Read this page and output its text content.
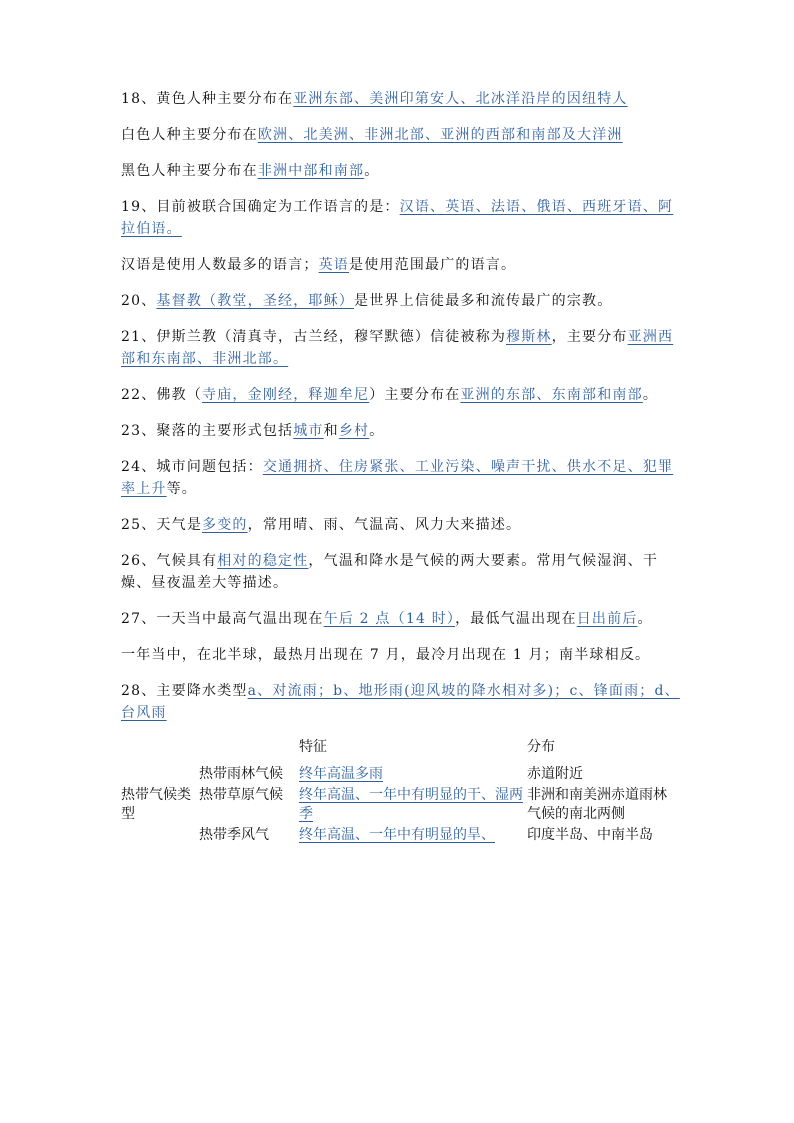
18、黄色人种主要分布在亚洲东部、美洲印第安人、北冰洋沿岸的因纽特人

白色人种主要分布在欧洲、北美洲、非洲北部、亚洲的西部和南部及大洋洲

黑色人种主要分布在非洲中部和南部。

19、目前被联合国确定为工作语言的是：汉语、英语、法语、俄语、西班牙语、阿拉伯语。

汉语是使用人数最多的语言；英语是使用范围最广的语言。

20、基督教（教堂，圣经，耶稣）是世界上信徒最多和流传最广的宗教。

21、伊斯兰教（清真寺，古兰经，穆罕默德）信徒被称为穆斯林，主要分布亚洲西部和东南部、非洲北部。

22、佛教（寺庙，金刚经，释迦牟尼）主要分布在亚洲的东部、东南部和南部。

23、聚落的主要形式包括城市和乡村。

24、城市问题包括：交通拥挤、住房紧张、工业污染、噪声干扰、供水不足、犯罪率上升等。

25、天气是多变的，常用晴、雨、气温高、风力大来描述。

26、气候具有相对的稳定性，气温和降水是气候的两大要素。常用气候湿润、干燥、昼夜温差大等描述。

27、一天当中最高气温出现在午后 2 点（14 时），最低气温出现在日出前后。

一年当中，在北半球，最热月出现在 7 月，最冷月出现在 1 月；南半球相反。

28、主要降水类型a、对流雨；b、地形雨(迎风坡的降水相对多)；c、锋面雨；d、台风雨

		特征	分布
热带气候类型	热带雨林气候	终年高温多雨	赤道附近
	热带草原气候	终年高温、一年中有明显的干、湿两季	非洲和南美洲赤道雨林气候的南北两侧
	热带季风气	终年高温、一年中有明显的旱、	印度半岛、中南半岛
